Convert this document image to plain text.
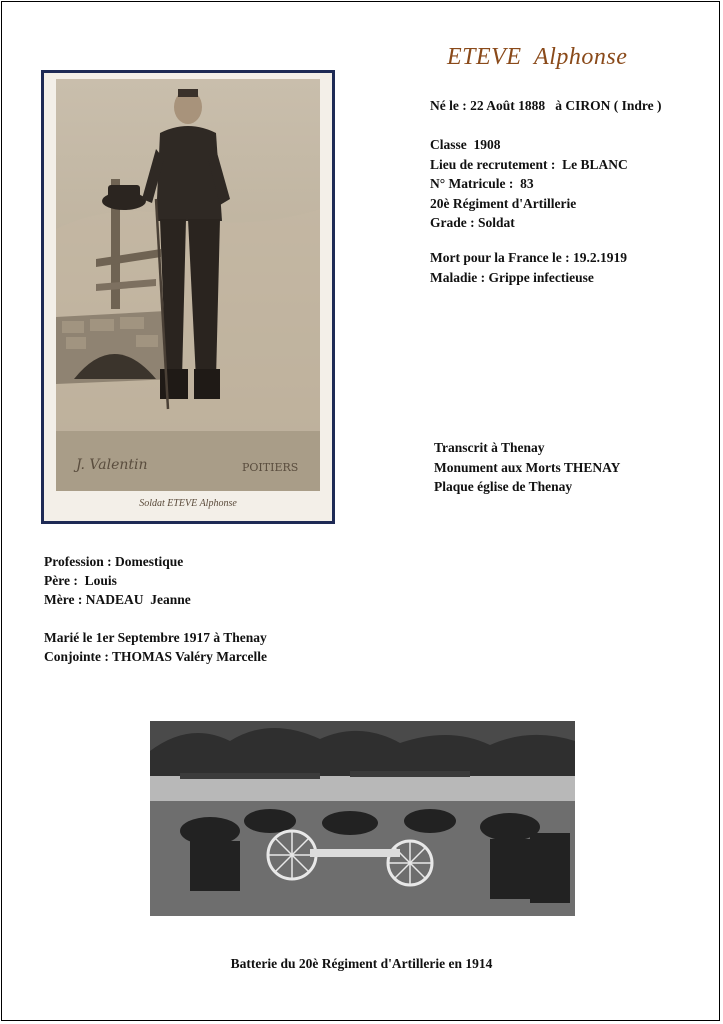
ETEVE  Alphonse
Né le : 22 Août 1888   à CIRON ( Indre )
Classe  1908
Lieu de recrutement :  Le BLANC
N° Matricule :  83
20è Régiment d'Artillerie
Grade : Soldat
Mort pour la France le : 19.2.1919
Maladie : Grippe infectieuse
J. Valentin	POITIERS
Soldat ETEVE Alphonse
Transcrit à Thenay
Monument aux Morts THENAY
Plaque église de Thenay
Profession : Domestique
Père :  Louis
Mère : NADEAU  Jeanne
Marié le 1er Septembre 1917 à Thenay
Conjointe : THOMAS Valéry Marcelle
Batterie du 20è Régiment d'Artillerie en 1914
